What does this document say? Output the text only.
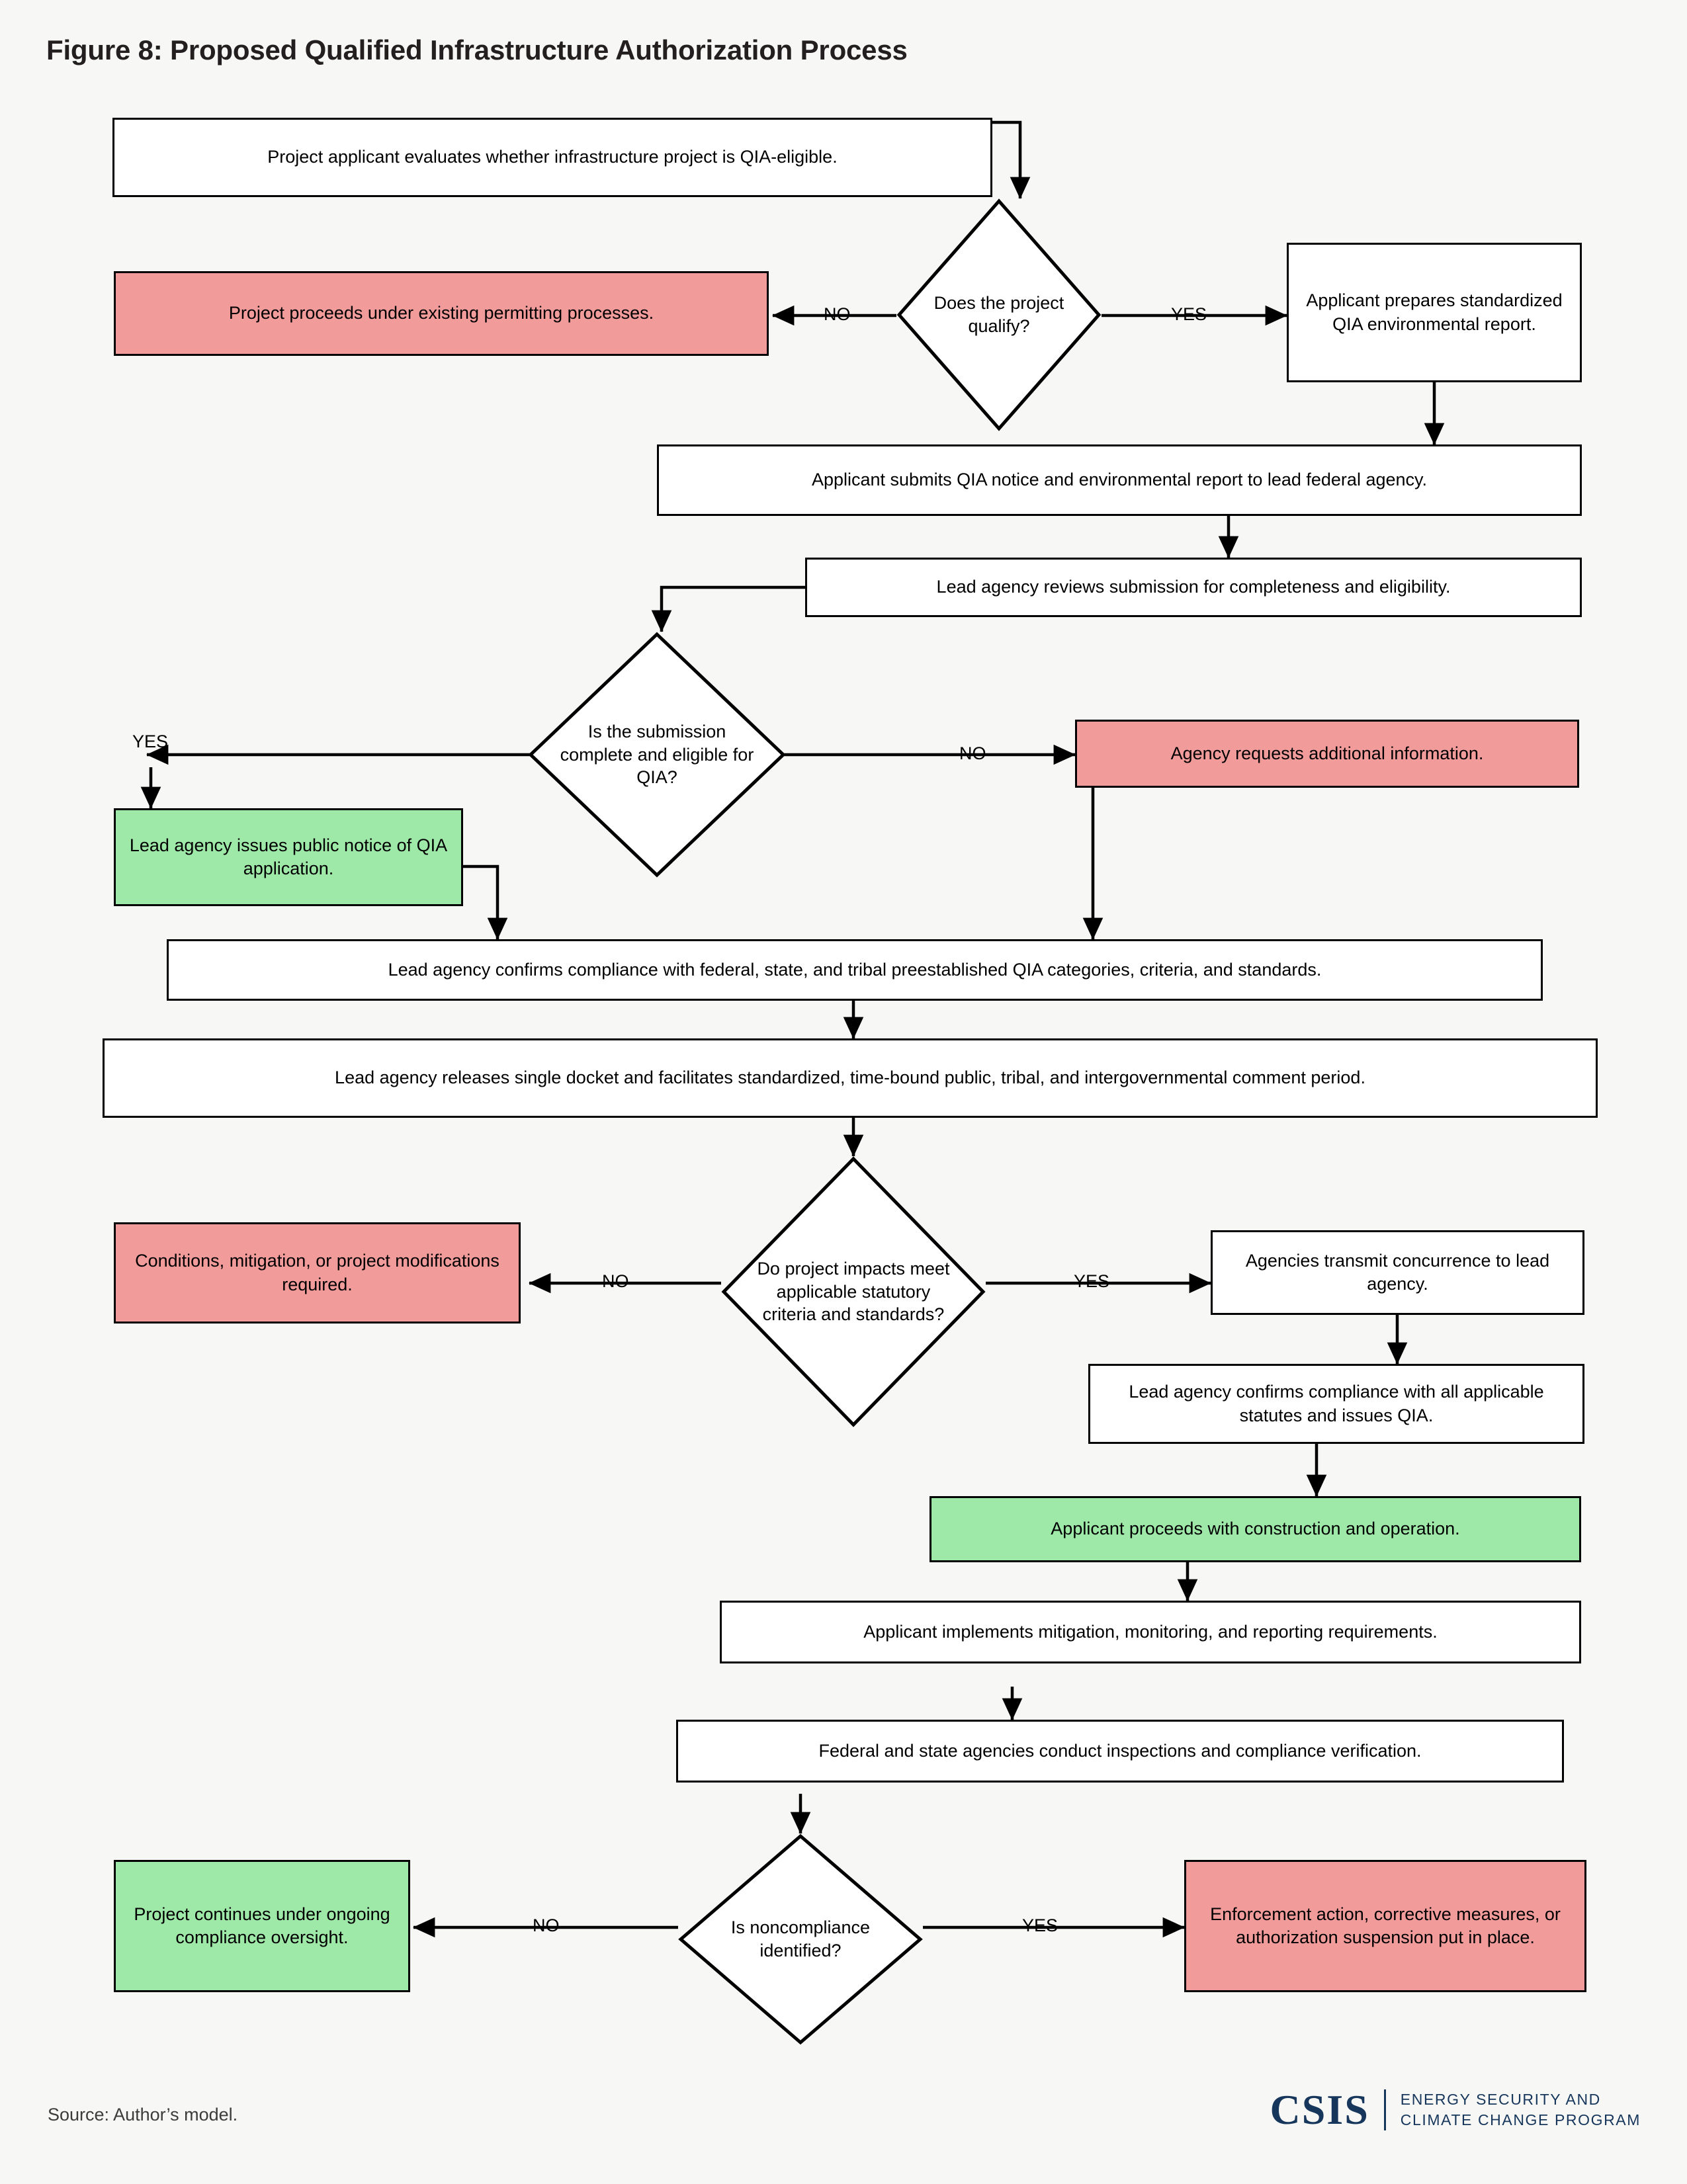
Figure 8: Proposed Qualified Infrastructure Authorization Process
Project applicant evaluates whether infrastructure project is QIA-eligible.
Project proceeds under existing permitting processes.	Does the project qualify?
NO	YES
Applicant prepares standardized QIA environmental report.
Applicant submits QIA notice and environmental report to lead federal agency.
Lead agency reviews submission for completeness and eligibility.
Is the submission complete and eligible for QIA?
YES
NO	Agency requests additional information.
Lead agency issues public notice of QIA application.
Lead agency confirms compliance with federal, state, and tribal preestablished QIA categories, criteria, and standards.
Lead agency releases single docket and facilitates standardized, time-bound public, tribal, and intergovernmental comment period.
Do project impacts meet applicable statutory criteria and standards?
NO	YES
Conditions, mitigation, or project modifications required.
Agencies transmit concurrence to lead agency.
Lead agency confirms compliance with all applicable statutes and issues QIA.
Applicant proceeds with construction and operation.
Applicant implements mitigation, monitoring, and reporting requirements.
Federal and state agencies conduct inspections and compliance verification.
Is noncompliance identified?
NO	YES
Project continues under ongoing compliance oversight.
Enforcement action, corrective measures, or authorization suspension put in place.
Source: Author’s model.	CSIS ENERGY SECURITY AND
CLIMATE CHANGE PROGRAM
